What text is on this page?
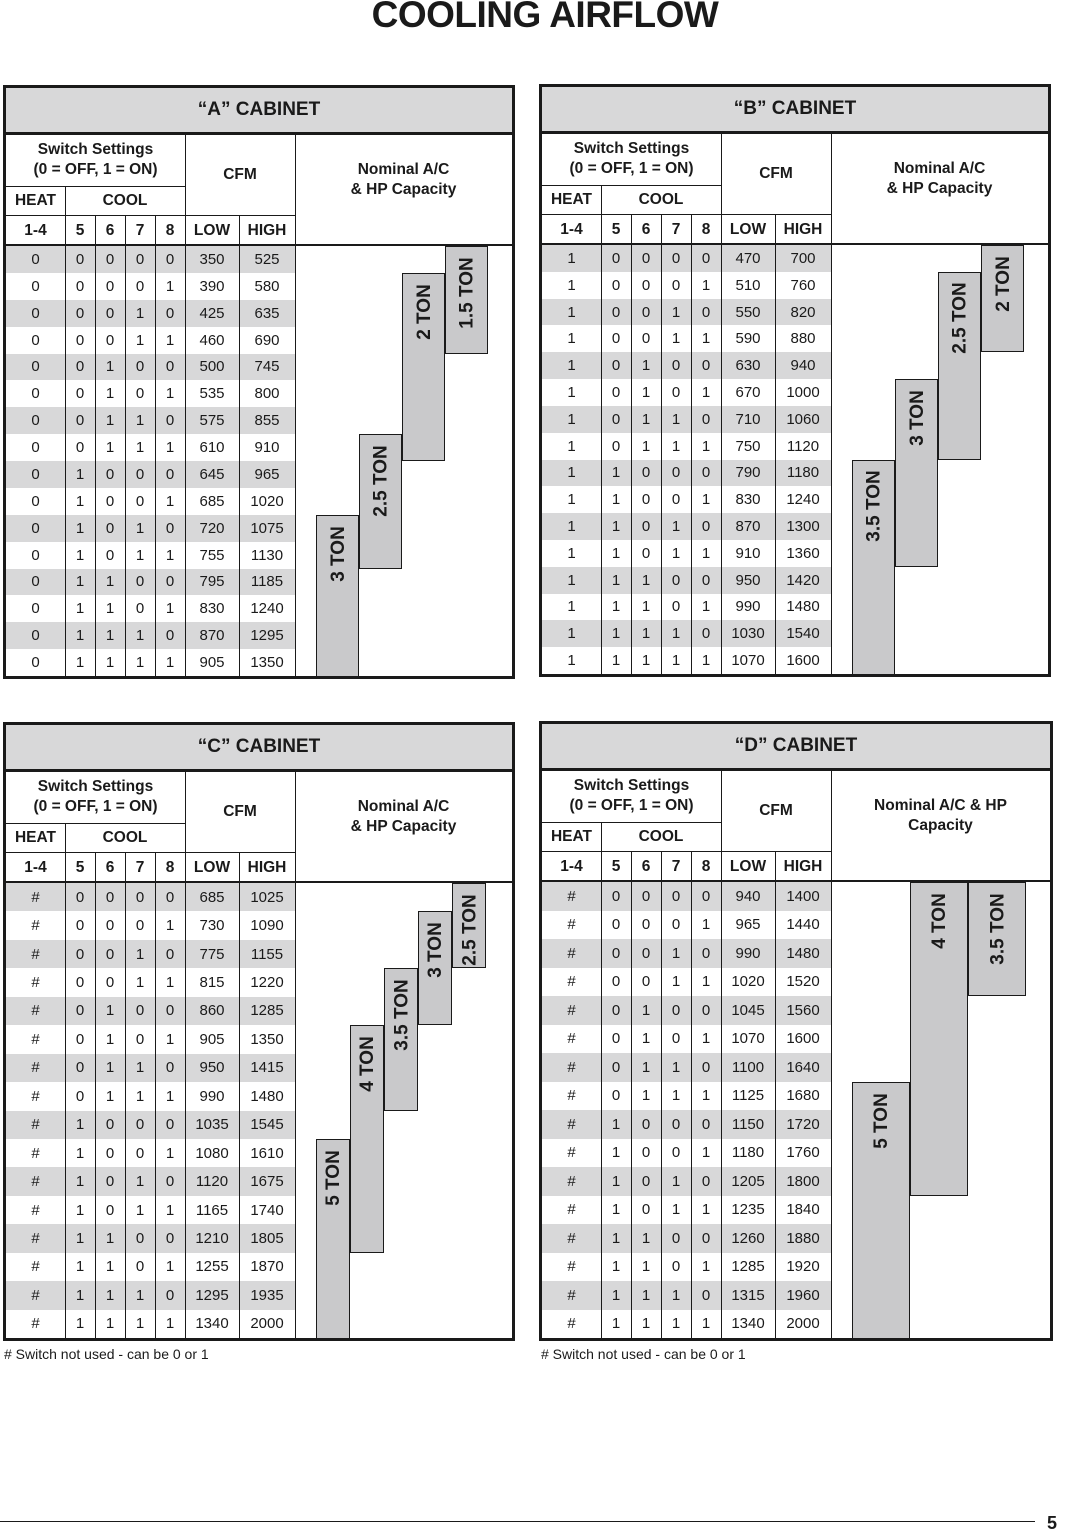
COOLING AIRFLOW
“A” CABINET
Switch Settings
(0 = OFF, 1 = ON)	CFM	Nominal A/C
& HP Capacity
HEAT	COOL
1-4	5	6	7	8	LOW	HIGH
0	0	0	0	0	350	525
0	0	0	0	1	390	580
0	0	0	1	0	425	635
0	0	0	1	1	460	690
0	0	1	0	0	500	745
0	0	1	0	1	535	800
0	0	1	1	0	575	855
0	0	1	1	1	610	910
0	1	0	0	0	645	965
0	1	0	0	1	685	1020
0	1	0	1	0	720	1075
0	1	0	1	1	755	1130
0	1	1	0	0	795	1185
0	1	1	0	1	830	1240
0	1	1	1	0	870	1295
0	1	1	1	1	905	1350
1.5 TON
2 TON
2.5 TON
3 TON
“B” CABINET
Switch Settings
(0 = OFF, 1 = ON)	CFM	Nominal A/C
& HP Capacity
HEAT	COOL
1-4	5	6	7	8	LOW	HIGH
1	0	0	0	0	470	700
1	0	0	0	1	510	760
1	0	0	1	0	550	820
1	0	0	1	1	590	880
1	0	1	0	0	630	940
1	0	1	0	1	670	1000
1	0	1	1	0	710	1060
1	0	1	1	1	750	1120
1	1	0	0	0	790	1180
1	1	0	0	1	830	1240
1	1	0	1	0	870	1300
1	1	0	1	1	910	1360
1	1	1	0	0	950	1420
1	1	1	0	1	990	1480
1	1	1	1	0	1030	1540
1	1	1	1	1	1070	1600
2 TON
2.5 TON
3 TON
3.5 TON
“C” CABINET
Switch Settings
(0 = OFF, 1 = ON)	CFM	Nominal A/C
& HP Capacity
HEAT	COOL
1-4	5	6	7	8	LOW	HIGH
#	0	0	0	0	685	1025
#	0	0	0	1	730	1090
#	0	0	1	0	775	1155
#	0	0	1	1	815	1220
#	0	1	0	0	860	1285
#	0	1	0	1	905	1350
#	0	1	1	0	950	1415
#	0	1	1	1	990	1480
#	1	0	0	0	1035	1545
#	1	0	0	1	1080	1610
#	1	0	1	0	1120	1675
#	1	0	1	1	1165	1740
#	1	1	0	0	1210	1805
#	1	1	0	1	1255	1870
#	1	1	1	0	1295	1935
#	1	1	1	1	1340	2000
2.5 TON
3 TON
3.5 TON
4 TON
5 TON
“D” CABINET
Switch Settings
(0 = OFF, 1 = ON)	CFM	Nominal A/C & HP
Capacity
HEAT	COOL
1-4	5	6	7	8	LOW	HIGH
#	0	0	0	0	940	1400
#	0	0	0	1	965	1440
#	0	0	1	0	990	1480
#	0	0	1	1	1020	1520
#	0	1	0	0	1045	1560
#	0	1	0	1	1070	1600
#	0	1	1	0	1100	1640
#	0	1	1	1	1125	1680
#	1	0	0	0	1150	1720
#	1	0	0	1	1180	1760
#	1	0	1	0	1205	1800
#	1	0	1	1	1235	1840
#	1	1	0	0	1260	1880
#	1	1	0	1	1285	1920
#	1	1	1	0	1315	1960
#	1	1	1	1	1340	2000
3.5 TON
4 TON
5 TON
# Switch not used - can be 0 or 1	# Switch not used - can be 0 or 1
5
